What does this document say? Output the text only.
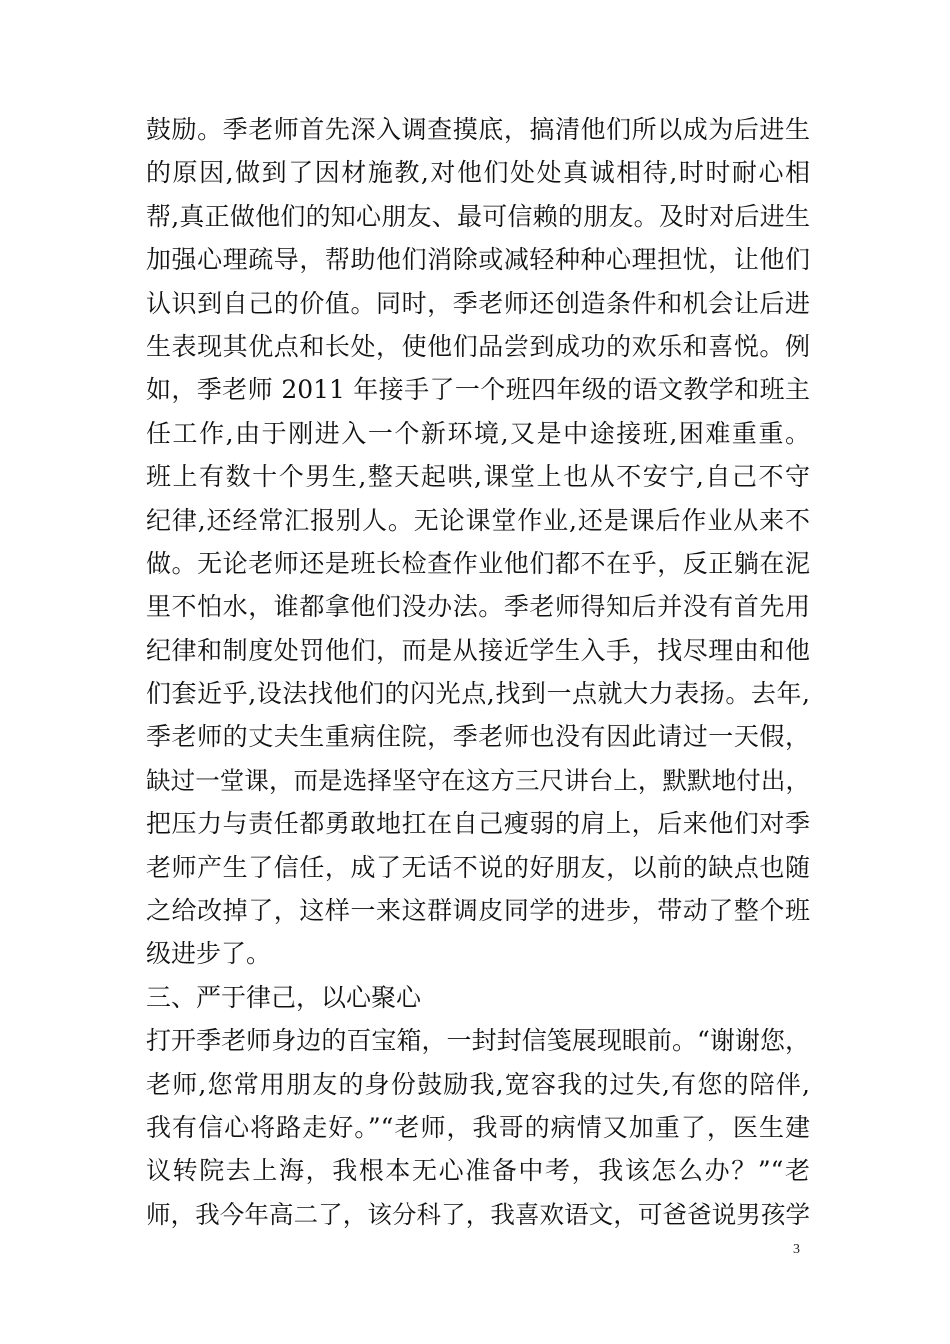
鼓励。季老师首先深入调查摸底，搞清他们所以成为后进生
的原因,做到了因材施教,对他们处处真诚相待,时时耐心相
帮,真正做他们的知心朋友、最可信赖的朋友。及时对后进生
加强心理疏导，帮助他们消除或减轻种种心理担忧，让他们
认识到自己的价值。同时，季老师还创造条件和机会让后进
生表现其优点和长处，使他们品尝到成功的欢乐和喜悦。例
如，季老师 2011 年接手了一个班四年级的语文教学和班主
任工作,由于刚进入一个新环境,又是中途接班,困难重重。
班上有数十个男生,整天起哄,课堂上也从不安宁,自己不守
纪律,还经常汇报别人。无论课堂作业,还是课后作业从来不
做。无论老师还是班长检查作业他们都不在乎，反正躺在泥
里不怕水，谁都拿他们没办法。季老师得知后并没有首先用
纪律和制度处罚他们，而是从接近学生入手，找尽理由和他
们套近乎,设法找他们的闪光点,找到一点就大力表扬。去年,
季老师的丈夫生重病住院，季老师也没有因此请过一天假，
缺过一堂课，而是选择坚守在这方三尺讲台上，默默地付出，
把压力与责任都勇敢地扛在自己瘦弱的肩上，后来他们对季
老师产生了信任，成了无话不说的好朋友，以前的缺点也随
之给改掉了，这样一来这群调皮同学的进步，带动了整个班
级进步了。
三、严于律己，以心聚心
打开季老师身边的百宝箱，一封封信笺展现眼前。“谢谢您，
老师,您常用朋友的身份鼓励我,宽容我的过失,有您的陪伴,
我有信心将路走好。”“老师，我哥的病情又加重了，医生建
议转院去上海，我根本无心准备中考，我该怎么办？”“老
师，我今年高二了，该分科了，我喜欢语文，可爸爸说男孩学
3
